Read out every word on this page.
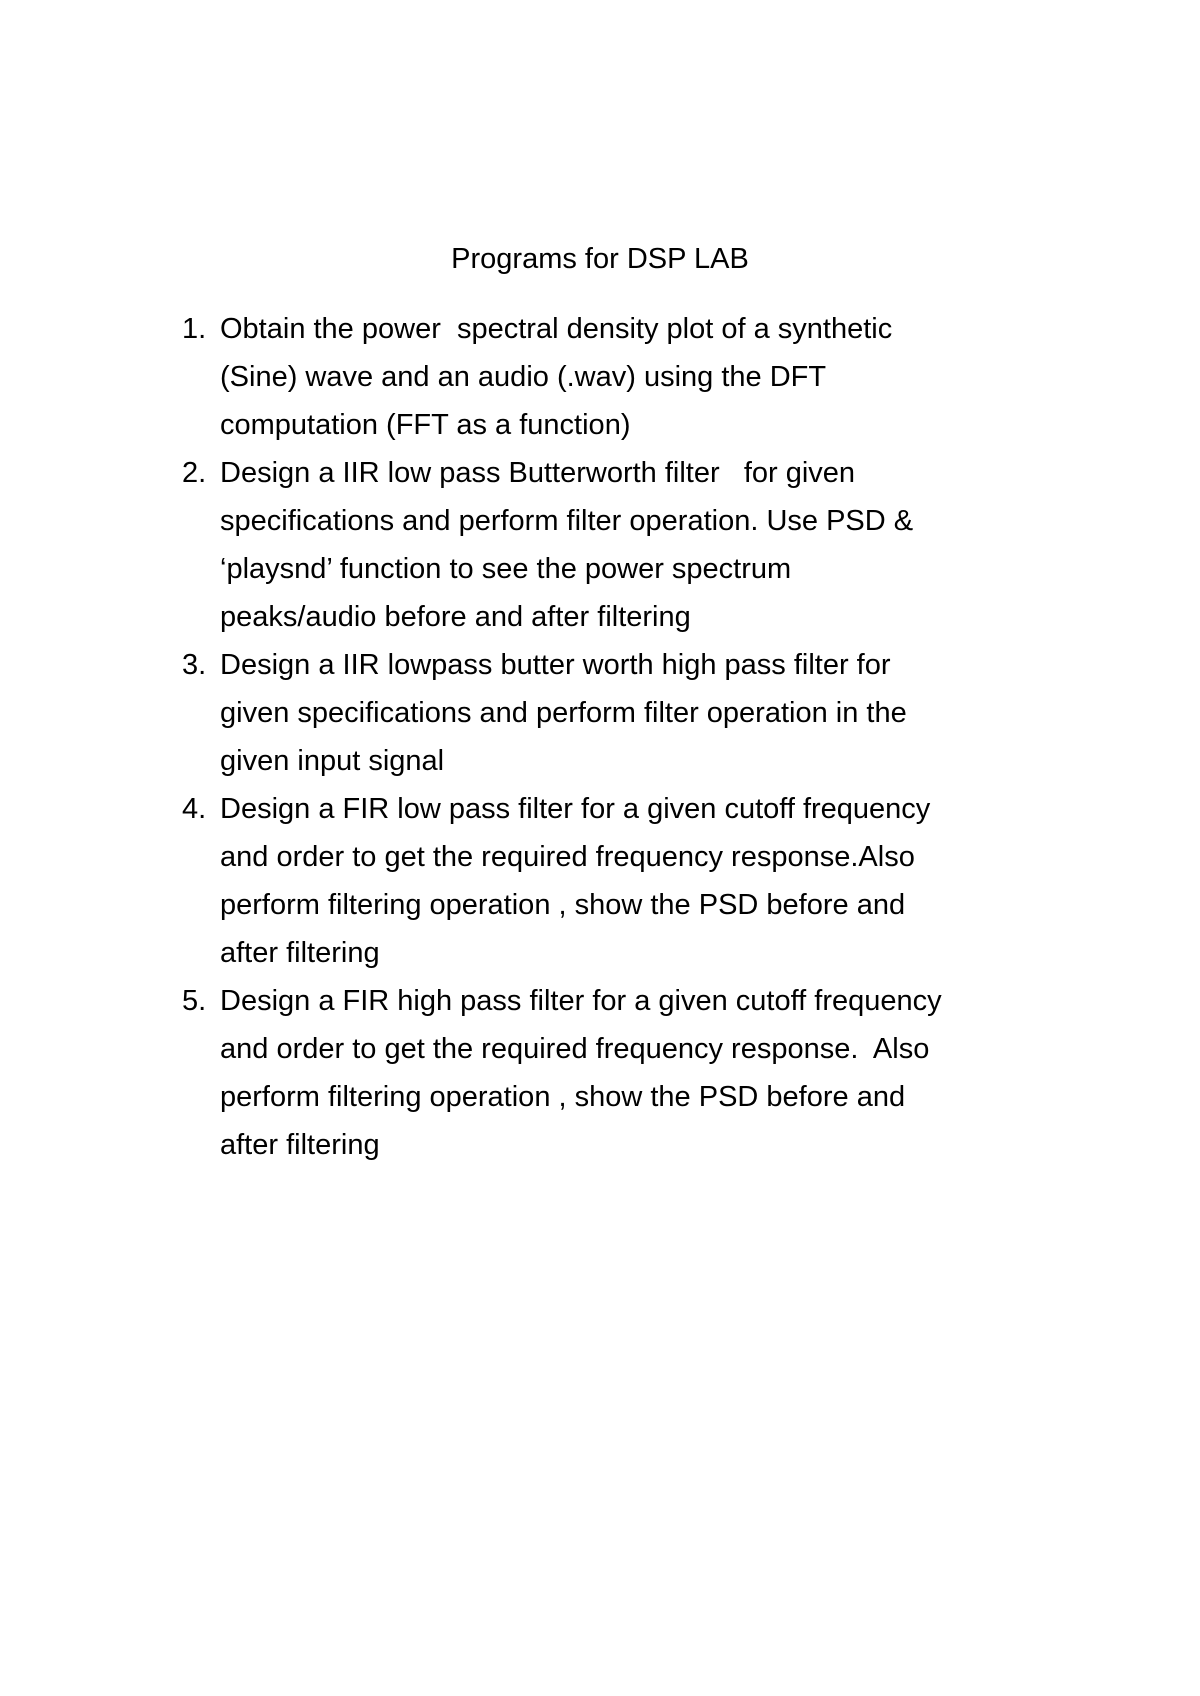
Programs for DSP LAB
1. Obtain the power  spectral density plot of a synthetic
(Sine) wave and an audio (.wav) using the DFT
computation (FFT as a function)
2. Design a IIR low pass Butterworth filter   for given
specifications and perform filter operation. Use PSD &
‘playsnd’ function to see the power spectrum
peaks/audio before and after filtering
3. Design a IIR lowpass butter worth high pass filter for
given specifications and perform filter operation in the
given input signal
4. Design a FIR low pass filter for a given cutoff frequency
and order to get the required frequency response.Also
perform filtering operation , show the PSD before and
after filtering
5. Design a FIR high pass filter for a given cutoff frequency
and order to get the required frequency response.  Also
perform filtering operation , show the PSD before and
after filtering
